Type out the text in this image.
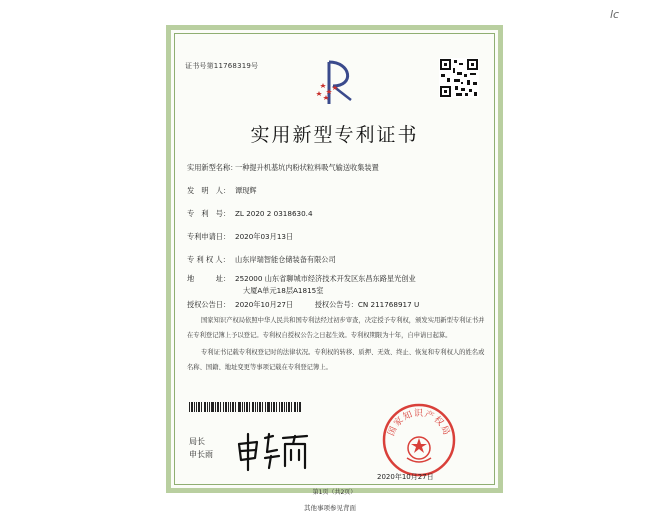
lc
证书号第11768319号
实用新型专利证书
实用新型名称：一种提升机基坑内粉状粒料吸气输送收集装置
发　明　人： 谭现辉
专　利　号： ZL 2020 2 0318630.4
专利申请日： 2020年03月13日
专 利 权 人： 山东岸瑞智能仓储装备有限公司
地　　　址： 252000 山东省聊城市经济技术开发区东昌东路星光创业
大厦A单元18层A1815室
授权公告日： 2020年10月27日　　　授权公告号：CN 211768917 U
国家知识产权局依照中华人民共和国专利法经过初步审查，决定授予专利权，颁发实用新型专利证书并在专利登记簿上予以登记。专利权自授权公告之日起生效。专利权期限为十年，自申请日起算。
专利证书记载专利权登记时的法律状况。专利权的转移、质押、无效、终止、恢复和专利权人的姓名或名称、国籍、地址变更等事项记载在专利登记簿上。
局长
申长雨
国家知识产权局
2020年10月27日
第1页（共2页）
其他事项参见背面
